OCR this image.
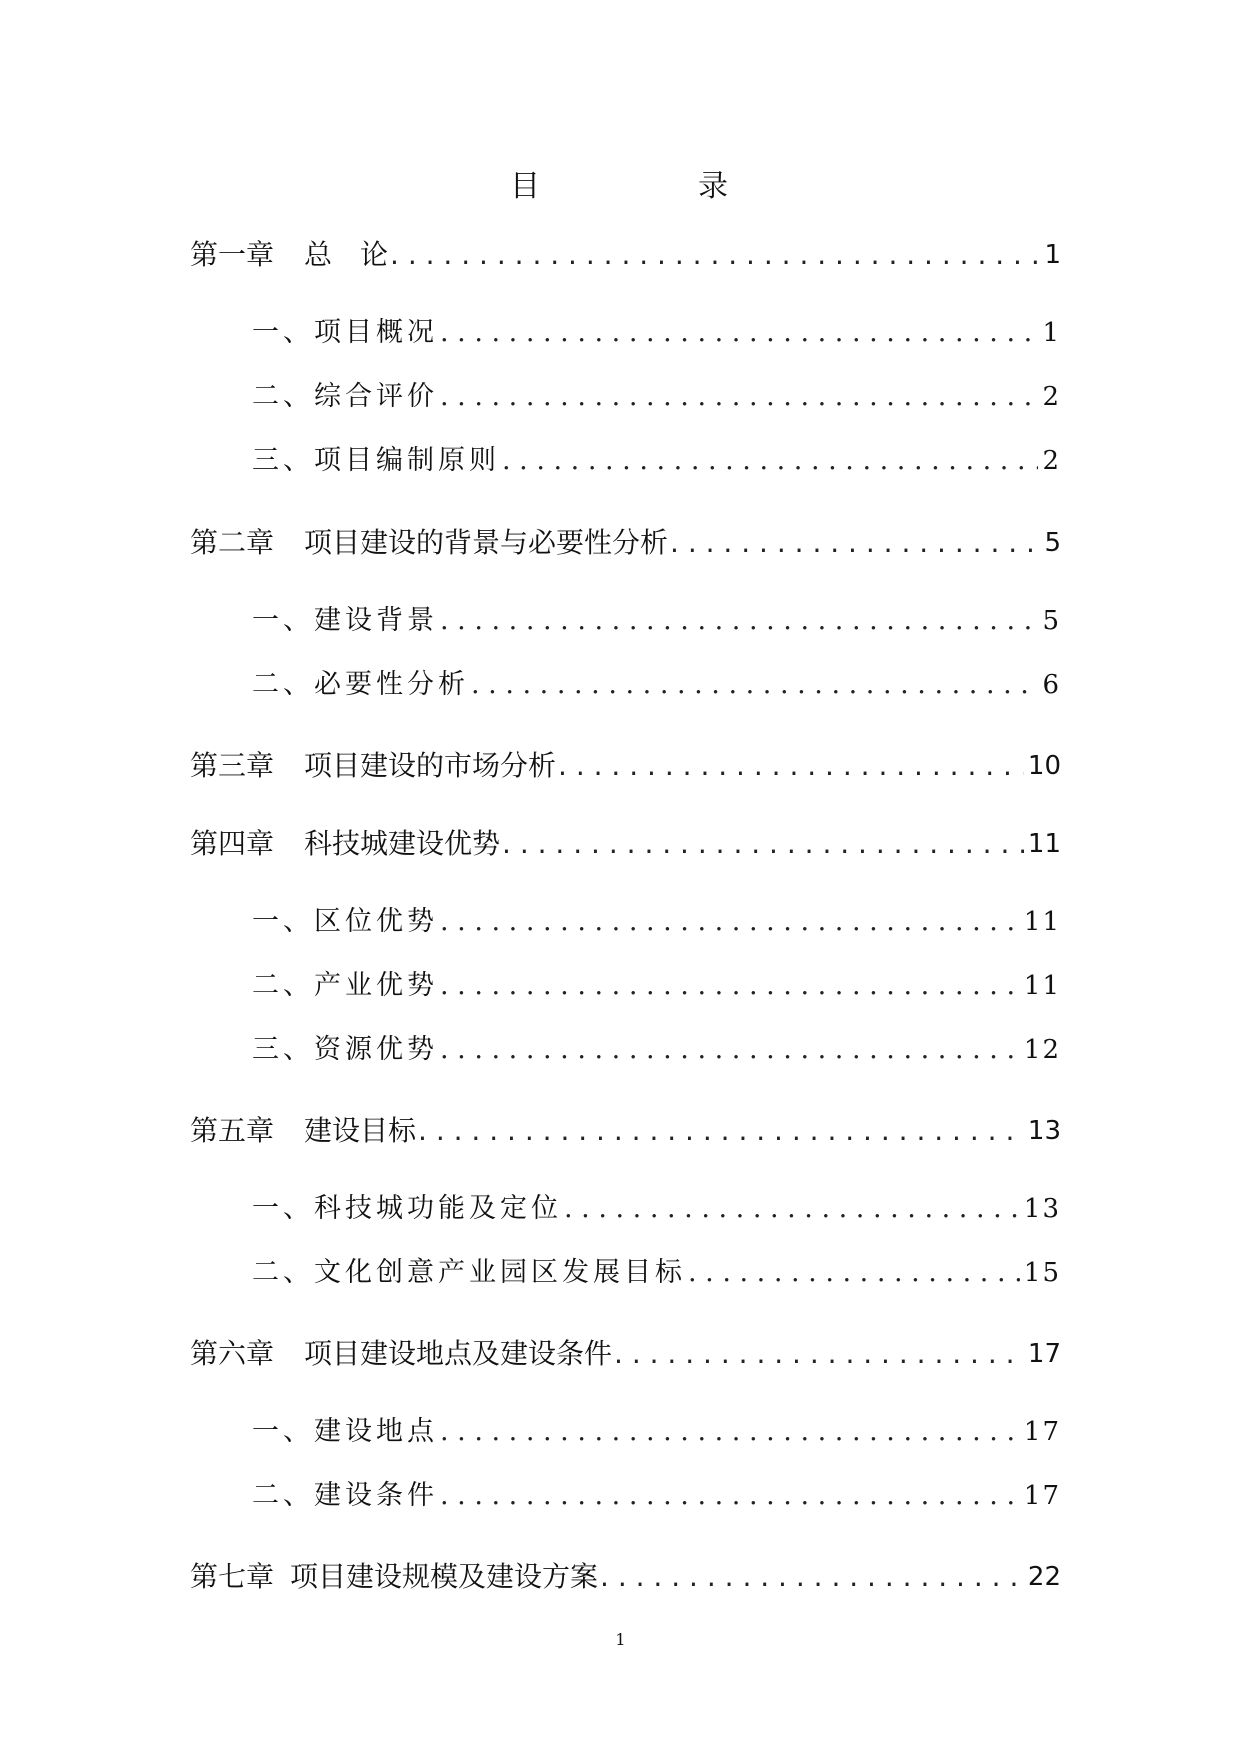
目	录
第一章 总　论 . . .	1
一、项目概况 . . .	1
二、综合评价 . . .	2
三、项目编制原则 . . .	2
第二章 项目建设的背景与必要性分析 . . .	5
一、建设背景 . . .	5
二、必要性分析 . . .	6
第三章 项目建设的市场分析 . . .	10
第四章 科技城建设优势 . . .	11
一、区位优势 . . .	11
二、产业优势 . . .	11
三、资源优势 . . .	12
第五章 建设目标 . . .	13
一、科技城功能及定位 . . .	13
二、文化创意产业园区发展目标 . . .	15
第六章 项目建设地点及建设条件 . . .	17
一、建设地点 . . .	17
二、建设条件 . . .	17
第七章 项目建设规模及建设方案 . . .	22
1
